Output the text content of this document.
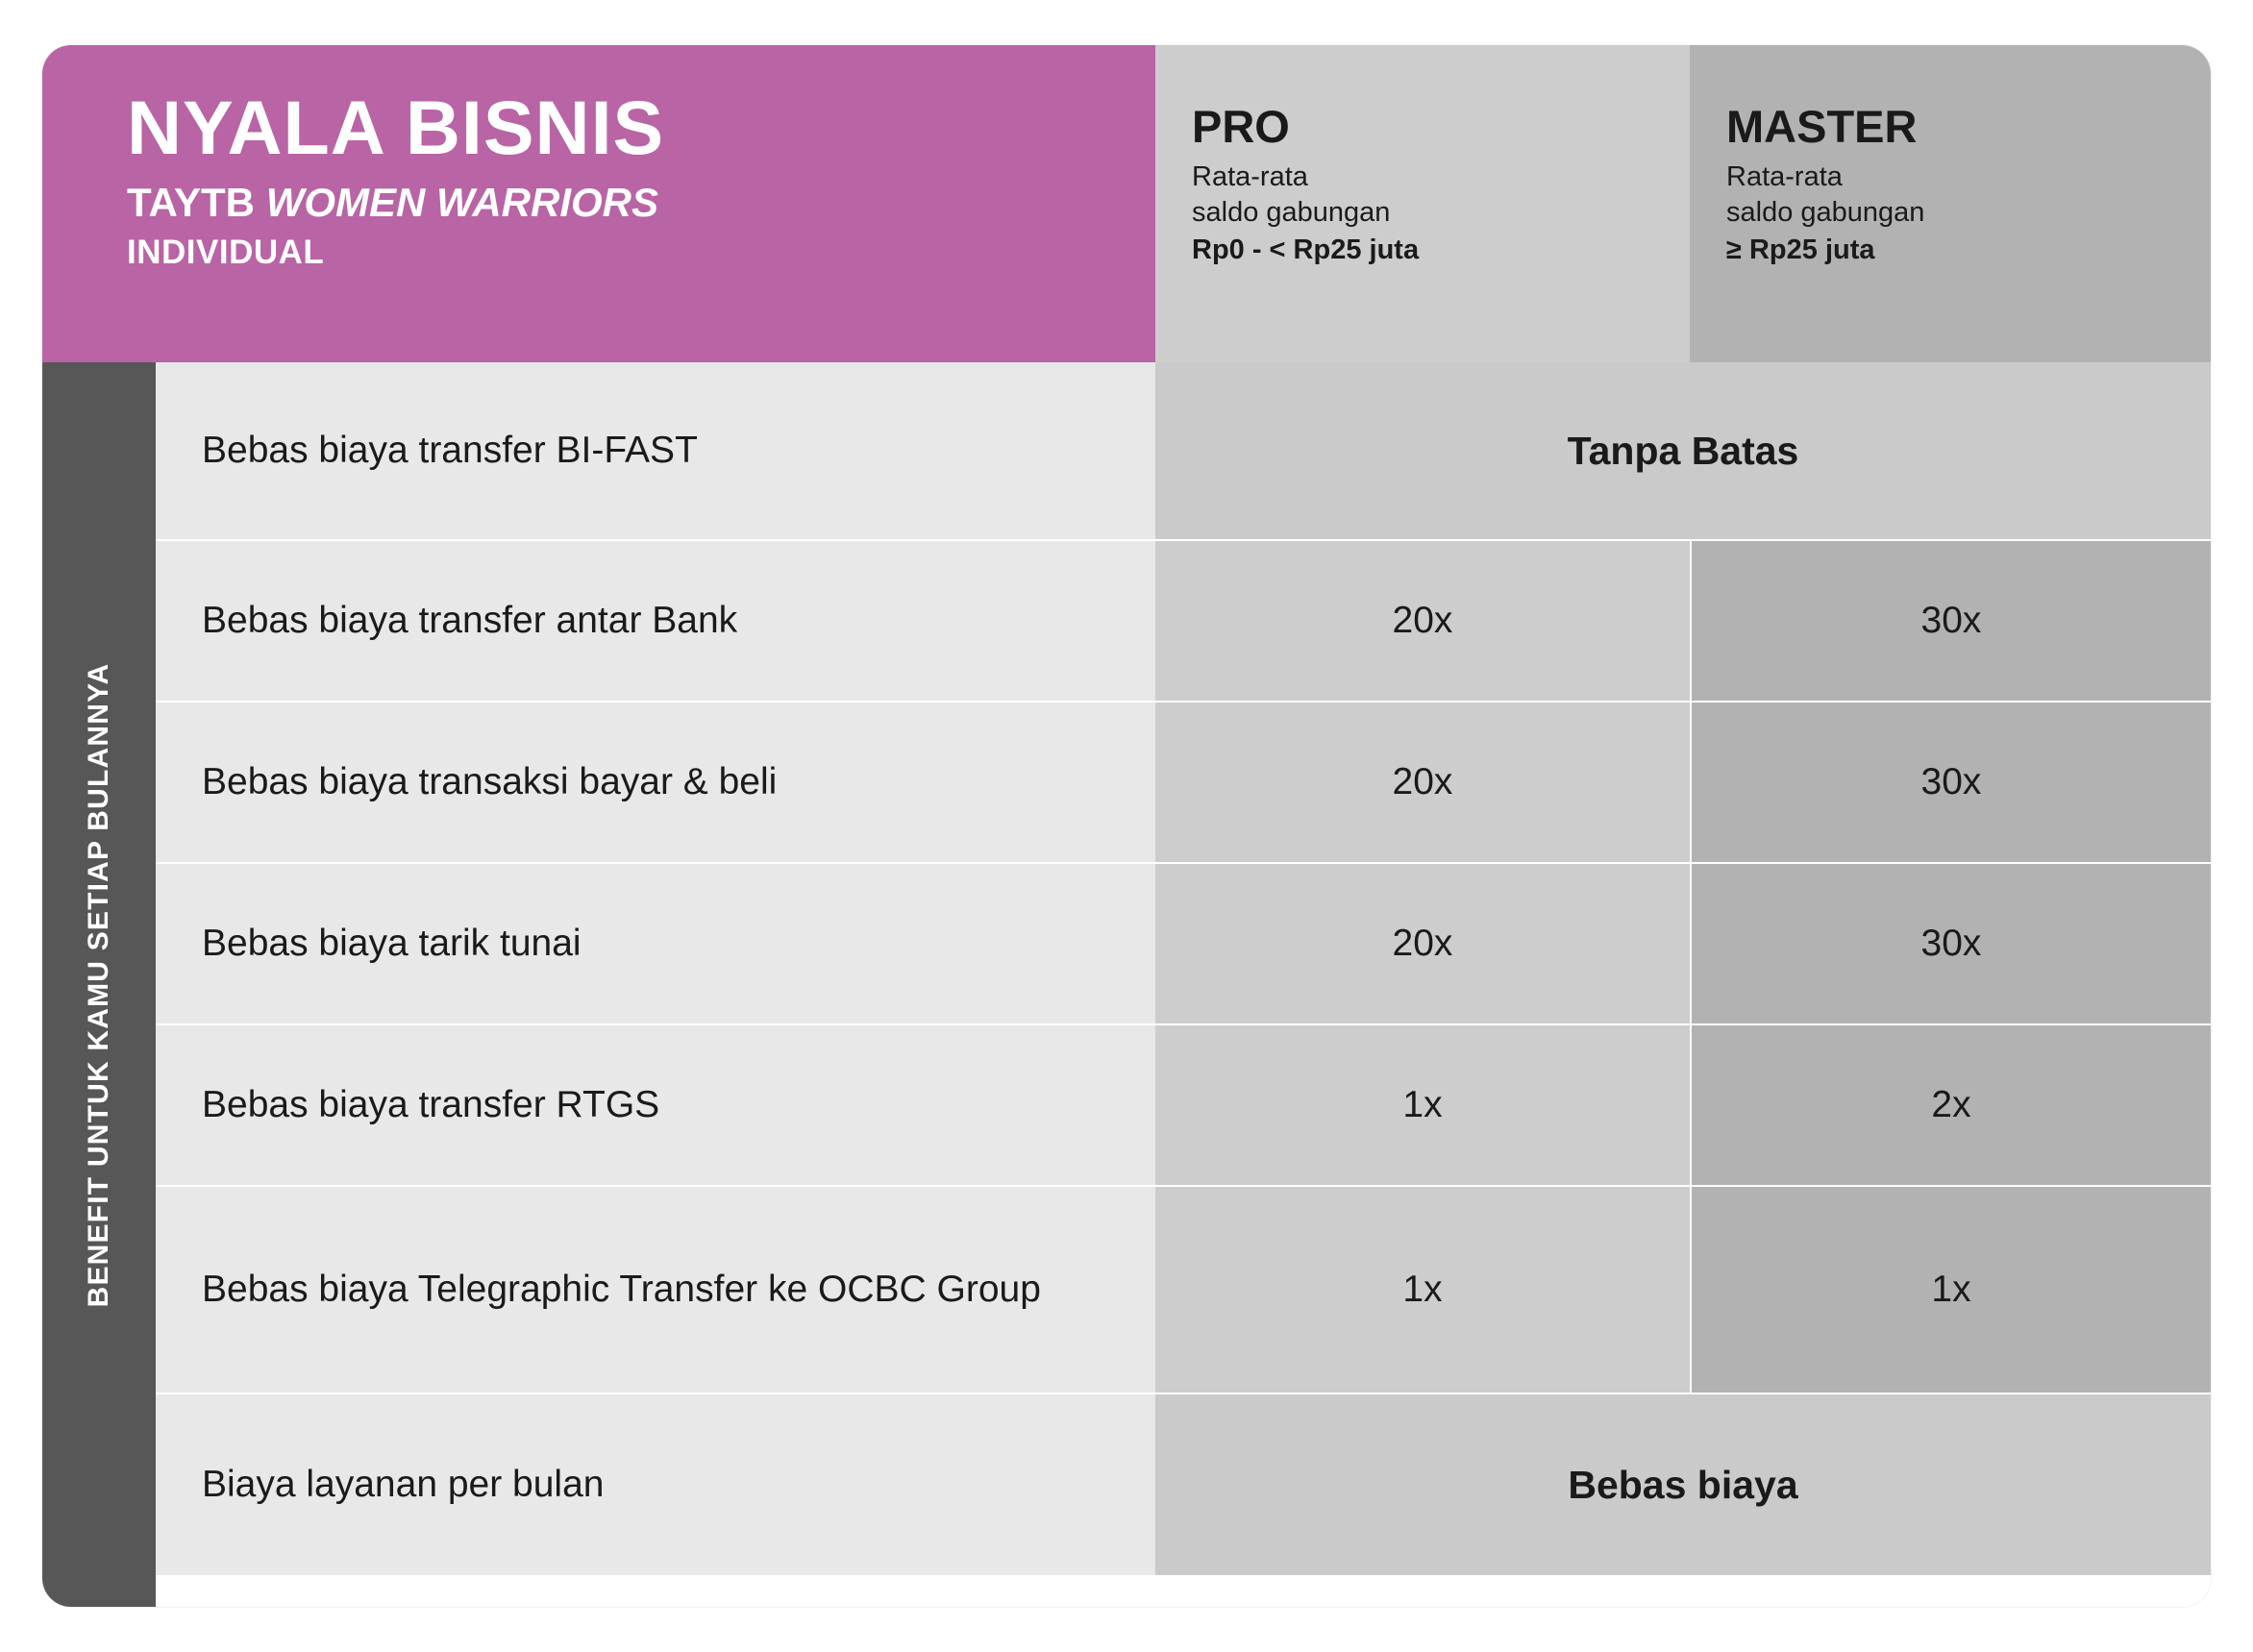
NYALA BISNIS
TAYTB WOMEN WARRIORS
INDIVIDUAL
PRO
Rata-rata
saldo gabungan
Rp0 - < Rp25 juta
MASTER
Rata-rata
saldo gabungan
≥ Rp25 juta
BENEFIT UNTUK KAMU SETIAP BULANNYA
Bebas biaya transfer BI-FAST	Tanpa Batas
Bebas biaya transfer antar Bank	20x	30x
Bebas biaya transaksi bayar & beli	20x	30x
Bebas biaya tarik tunai	20x	30x
Bebas biaya transfer RTGS	1x	2x
Bebas biaya Telegraphic Transfer ke OCBC Group	1x	1x
Biaya layanan per bulan	Bebas biaya
